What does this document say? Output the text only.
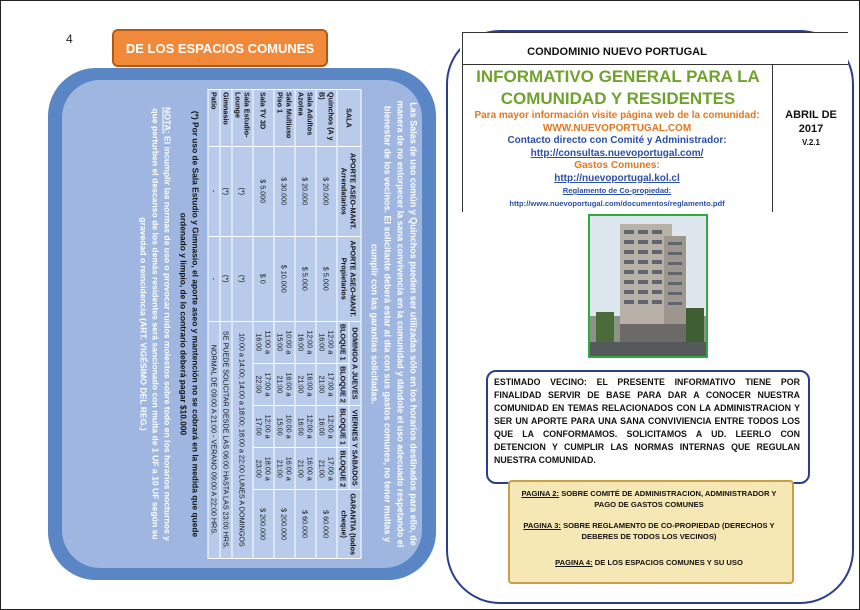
4
DE LOS ESPACIOS COMUNES
Las Salas de uso común y Quinchos pueden ser utilizadas sólo en los horarios destinados para ello, de manera de no entorpecer la sana convivencia en la comunidad y dándole el uso adecuado respetando el bienestar de los vecinos. El solicitante deberá estar al día con sus gastos comunes, no tener multas y cumplir con las garantías solicitadas.
SALA	APORTE ASEO-MANT. Arrendatarios	APORTE ASEO-MANT. Propietarios	DOMINGO A JUEVES		VIERNES Y SABADOS		GARANTIA (todos cheque)
			BLOQUE 1	BLOQUE 2	BLOQUE 1	BLOQUE 2	
Quinchos (A y B)	$ 20.000	$ 5.000	12:00 a 16:00	17:00 a 21:00	12:00 a 16:00	17:00 a 21:00	$ 60.000
Sala Adultos Azotea	$ 20.000	$ 5.000	12:00 a 16:00	16:00 a 21:00	12:00 a 16:00	16:00 a 21:00	$ 60.000
Sala Multiuso Piso 1	$ 30.000	$ 10.000	10:00 a 15:00	16:00 a 21:00	10:00 a 15:00	16:00 a 21:00	$ 200.000
Sala TV 3D	$ 5.000	$ 0	11:00 a 16:00	17:00 a 22:00	12:00 a 17:00	18:00 a 23:00	$ 200.000
Sala Estudio-Lounge	(*)	(*)	10:00 a 14:00; 14:00 a 18:00; 18:00 a 22:00 LUNES A DOMINGOS				
Gimnasio	(*)	(*)	SE PUEDE SOLICITAR DESDE LAS 06:00 HASTA LAS 23:00 HRS.				
Patio	-	-	NORMAL DE 09:00 A 21:00 - VERANO 09:00 A 22:00 HRS.				
(*) Por uso de Sala Estudio y Gimnasio, el aporte aseo y mantención no se cobrará en la medida que quede ordenado y limpio, de lo contrario deberá pagar $10.000
NOTA: El incumplir las normas de uso o provocar ruidos molestos sobre todo en los horarios nocturnos y que perturben el descanso de los demás residentes será sancionado con multa de 1 UF a 10 UF según su gravedad o reincidencia (ART. VIGÉSIMO DEL REG.)
CONDOMINIO NUEVO PORTUGAL
INFORMATIVO GENERAL PARA LA COMUNIDAD Y RESIDENTES
Para mayor información visite página web de la comunidad:
WWW.NUEVOPORTUGAL.COM
Contacto directo con Comité y Administrador:
http://consultas.nuevoportugal.com/
Gastos Comunes:
http://nuevoportugal.kol.cl
Reglamento de Co-propiedad:
http://www.nuevoportugal.com/documentos/reglamento.pdf
ABRIL DE 2017
V.2.1
ESTIMADO VECINO: EL PRESENTE INFORMATIVO TIENE POR FINALIDAD SERVIR DE BASE PARA DAR A CONOCER NUESTRA COMUNIDAD EN TEMAS RELACIONADOS CON LA ADMINISTRACION Y SER UN APORTE PARA UNA SANA CONVIVIENCIA ENTRE TODOS LOS QUE LA CONFORMAMOS. SOLICITAMOS A UD. LEERLO CON DETENCION Y CUMPLIR LAS NORMAS INTERNAS QUE REGULAN NUESTRA COMUNIDAD.
PAGINA 2: SOBRE COMITÉ DE ADMINISTRACION, ADMINISTRADOR Y PAGO DE GASTOS COMUNES
PAGINA 3: SOBRE REGLAMENTO DE CO-PROPIEDAD (DERECHOS Y DEBERES DE TODOS LOS VECINOS)
PAGINA 4: DE LOS ESPACIOS COMUNES Y SU USO
